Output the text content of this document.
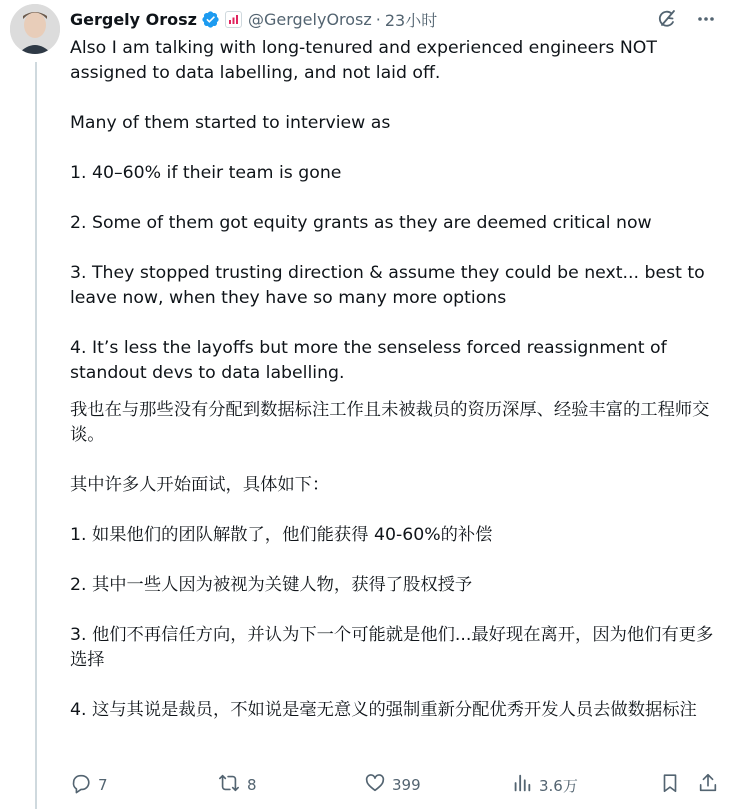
Gergely Orosz	@GergelyOrosz · 23小时

Also I am talking with long-tenured and experienced engineers NOT assigned to data labelling, and not laid off.

Many of them started to interview as

1. 40–60% if their team is gone

2. Some of them got equity grants as they are deemed critical now

3. They stopped trusting direction & assume they could be next... best to leave now, when they have so many more options

4. It’s less the layoffs but more the senseless forced reassignment of standout devs to data labelling.

我也在与那些没有分配到数据标注工作且未被裁员的资历深厚、经验丰富的工程师交谈。

其中许多人开始面试，具体如下：

1. 如果他们的团队解散了，他们能获得 40-60%的补偿

2. 其中一些人因为被视为关键人物，获得了股权授予

3. 他们不再信任方向，并认为下一个可能就是他们...最好现在离开，因为他们有更多选择

4. 这与其说是裁员，不如说是毫无意义的强制重新分配优秀开发人员去做数据标注

7	8	399	3.6万
